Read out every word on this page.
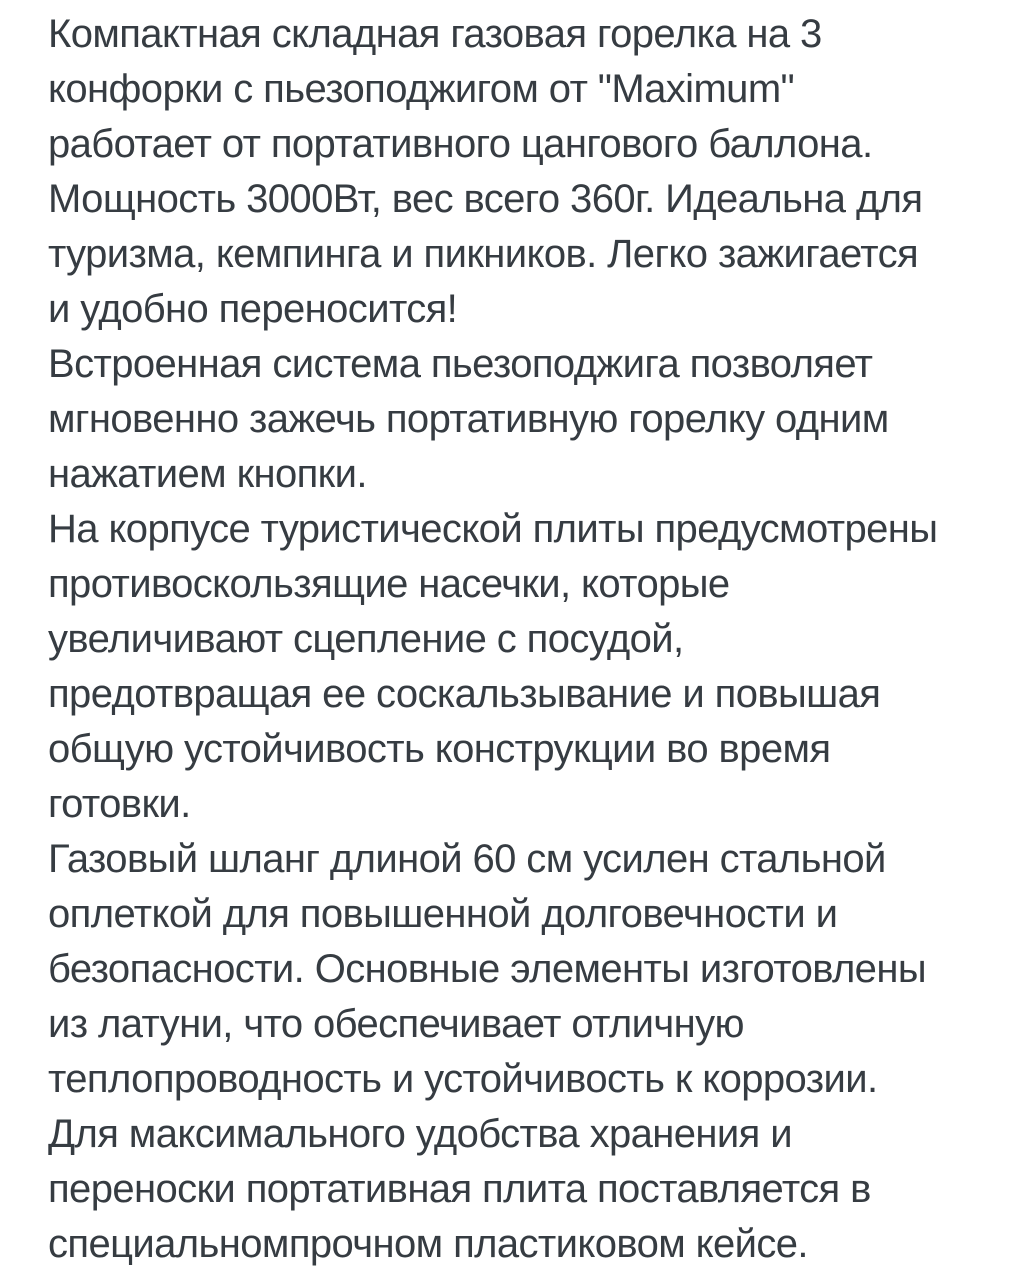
Компактная складная газовая горелка на 3
конфорки с пьезоподжигом от "Maximum"
работает от портативного цангового баллона.
Мощность 3000Вт, вес всего 360г. Идеальна для
туризма, кемпинга и пикников. Легко зажигается
и удобно переносится!
Встроенная система пьезоподжига позволяет
мгновенно зажечь портативную горелку одним
нажатием кнопки.
На корпусе туристической плиты предусмотрены
противоскользящие насечки, которые
увеличивают сцепление с посудой,
предотвращая ее соскальзывание и повышая
общую устойчивость конструкции во время
готовки.
Газовый шланг длиной 60 см усилен стальной
оплеткой для повышенной долговечности и
безопасности. Основные элементы изготовлены
из латуни, что обеспечивает отличную
теплопроводность и устойчивость к коррозии.
Для максимального удобства хранения и
переноски портативная плита поставляется в
специальномпрочном пластиковом кейсе.
